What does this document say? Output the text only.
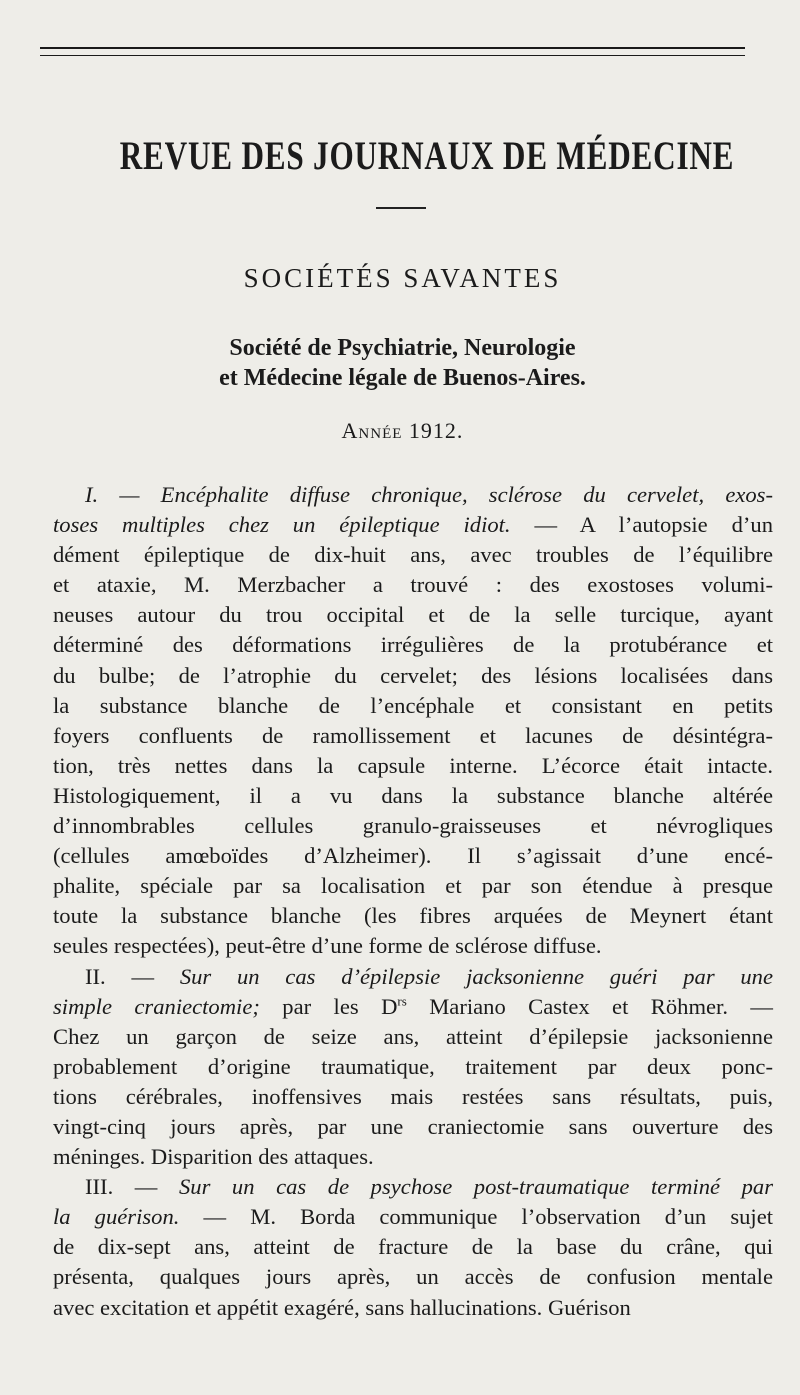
REVUE DES JOURNAUX DE MÉDECINE
SOCIÉTÉS SAVANTES
Société de Psychiatrie, Neurologie
et Médecine légale de Buenos-Aires.
Année 1912.
I. — Encéphalite diffuse chronique, sclérose du cervelet, exos-
toses multiples chez un épileptique idiot. — A l’autopsie d’un
dément épileptique de dix-huit ans, avec troubles de l’équilibre
et ataxie, M. Merzbacher a trouvé : des exostoses volumi-
neuses autour du trou occipital et de la selle turcique, ayant
déterminé des déformations irrégulières de la protubérance et
du bulbe; de l’atrophie du cervelet; des lésions localisées dans
la substance blanche de l’encéphale et consistant en petits
foyers confluents de ramollissement et lacunes de désintégra-
tion, très nettes dans la capsule interne. L’écorce était intacte.
Histologiquement, il a vu dans la substance blanche altérée
d’innombrables cellules granulo-graisseuses et névrogliques
(cellules amœboïdes d’Alzheimer). Il s’agissait d’une encé-
phalite, spéciale par sa localisation et par son étendue à presque
toute la substance blanche (les fibres arquées de Meynert étant
seules respectées), peut-être d’une forme de sclérose diffuse.
II. — Sur un cas d’épilepsie jacksonienne guéri par une
simple craniectomie; par les $D^{rs}$ Mariano Castex et Röhmer. —
Chez un garçon de seize ans, atteint d’épilepsie jacksonienne
probablement d’origine traumatique, traitement par deux ponc-
tions cérébrales, inoffensives mais restées sans résultats, puis,
vingt-cinq jours après, par une craniectomie sans ouverture des
méninges. Disparition des attaques.
III. — Sur un cas de psychose post-traumatique terminé par
la guérison. — M. Borda communique l’observation d’un sujet
de dix-sept ans, atteint de fracture de la base du crâne, qui
présenta, qualques jours après, un accès de confusion mentale
avec excitation et appétit exagéré, sans hallucinations. Guérison
